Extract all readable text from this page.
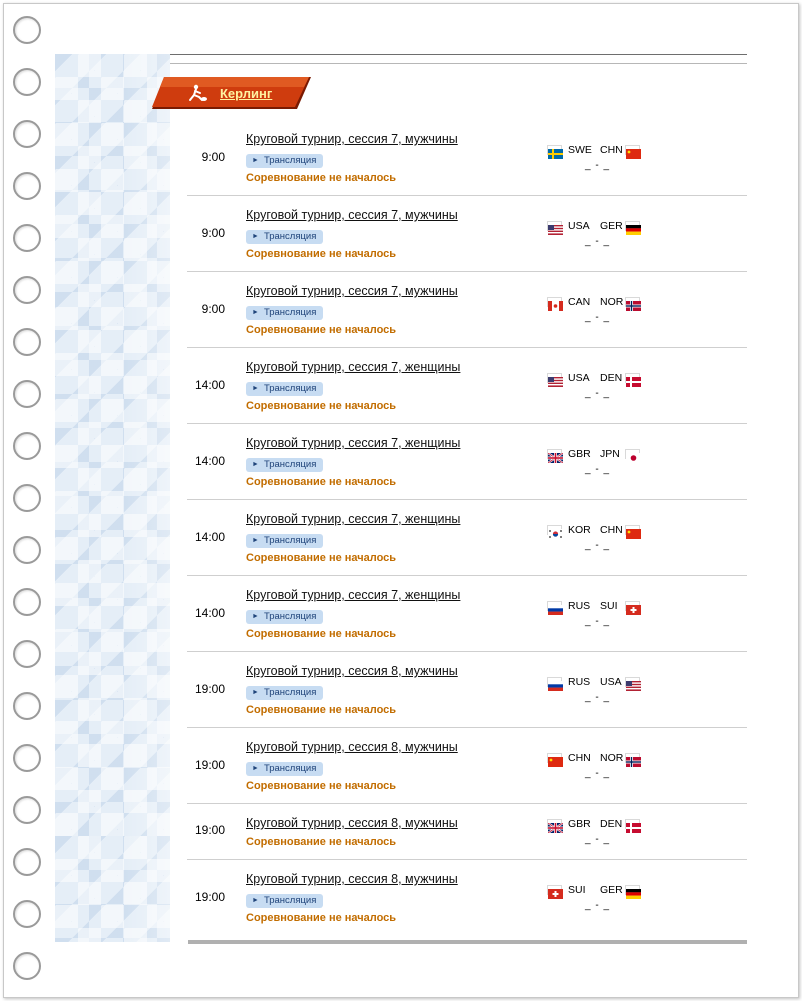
Керлинг
9:00
Круговой турнир, сессия 7, мужчины
► Трансляция
Соревнование не началось
SWE CHN
_ - _
9:00
Круговой турнир, сессия 7, мужчины
► Трансляция
Соревнование не началось
USA GER
_ - _
9:00
Круговой турнир, сессия 7, мужчины
► Трансляция
Соревнование не началось
CAN NOR
_ - _
14:00
Круговой турнир, сессия 7, женщины
► Трансляция
Соревнование не началось
USA DEN
_ - _
14:00
Круговой турнир, сессия 7, женщины
► Трансляция
Соревнование не началось
GBR JPN
_ - _
14:00
Круговой турнир, сессия 7, женщины
► Трансляция
Соревнование не началось
KOR CHN
_ - _
14:00
Круговой турнир, сессия 7, женщины
► Трансляция
Соревнование не началось
RUS SUI
_ - _
19:00
Круговой турнир, сессия 8, мужчины
► Трансляция
Соревнование не началось
RUS USA
_ - _
19:00
Круговой турнир, сессия 8, мужчины
► Трансляция
Соревнование не началось
CHN NOR
_ - _
19:00 Круговой турнир, сессия 8, мужчины
Соревнование не началось
GBR DEN
_ - _
19:00
Круговой турнир, сессия 8, мужчины
► Трансляция
Соревнование не началось
SUI GER
_ - _
